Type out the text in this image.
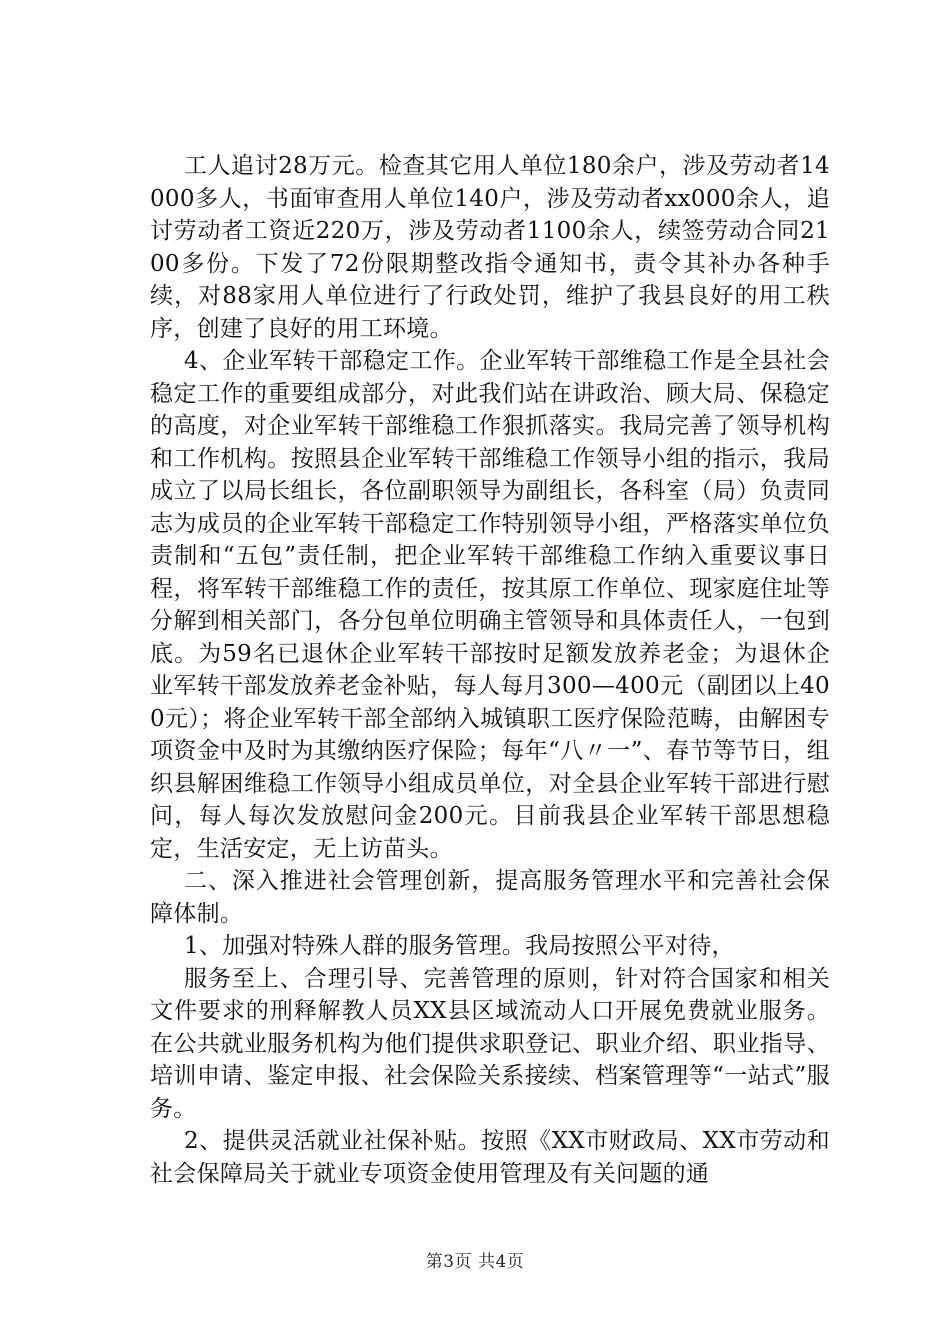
工人追讨28万元。检查其它用人单位180余户，涉及劳动者14000多人，书面审查用人单位140户，涉及劳动者xx000余人，追讨劳动者工资近220万，涉及劳动者1100余人，续签劳动合同2100多份。下发了72份限期整改指令通知书，责令其补办各种手续，对88家用人单位进行了行政处罚，维护了我县良好的用工秩序，创建了良好的用工环境。

4、企业军转干部稳定工作。企业军转干部维稳工作是全县社会稳定工作的重要组成部分，对此我们站在讲政治、顾大局、保稳定的高度，对企业军转干部维稳工作狠抓落实。我局完善了领导机构和工作机构。按照县企业军转干部维稳工作领导小组的指示，我局成立了以局长组长，各位副职领导为副组长，各科室（局）负责同志为成员的企业军转干部稳定工作特别领导小组，严格落实单位负责制和“五包”责任制，把企业军转干部维稳工作纳入重要议事日程，将军转干部维稳工作的责任，按其原工作单位、现家庭住址等分解到相关部门，各分包单位明确主管领导和具体责任人，一包到底。为59名已退休企业军转干部按时足额发放养老金；为退休企业军转干部发放养老金补贴，每人每月300—400元（副团以上400元）；将企业军转干部全部纳入城镇职工医疗保险范畴，由解困专项资金中及时为其缴纳医疗保险；每年“八〃一”、春节等节日，组织县解困维稳工作领导小组成员单位，对全县企业军转干部进行慰问，每人每次发放慰问金200元。目前我县企业军转干部思想稳定，生活安定，无上访苗头。

二、深入推进社会管理创新，提高服务管理水平和完善社会保障体制。

1、加强对特殊人群的服务管理。我局按照公平对待，

服务至上、合理引导、完善管理的原则，针对符合国家和相关文件要求的刑释解教人员XX县区域流动人口开展免费就业服务。在公共就业服务机构为他们提供求职登记、职业介绍、职业指导、培训申请、鉴定申报、社会保险关系接续、档案管理等“一站式”服务。

2、提供灵活就业社保补贴。按照《XX市财政局、XX市劳动和社会保障局关于就业专项资金使用管理及有关问题的通

第3页 共4页
